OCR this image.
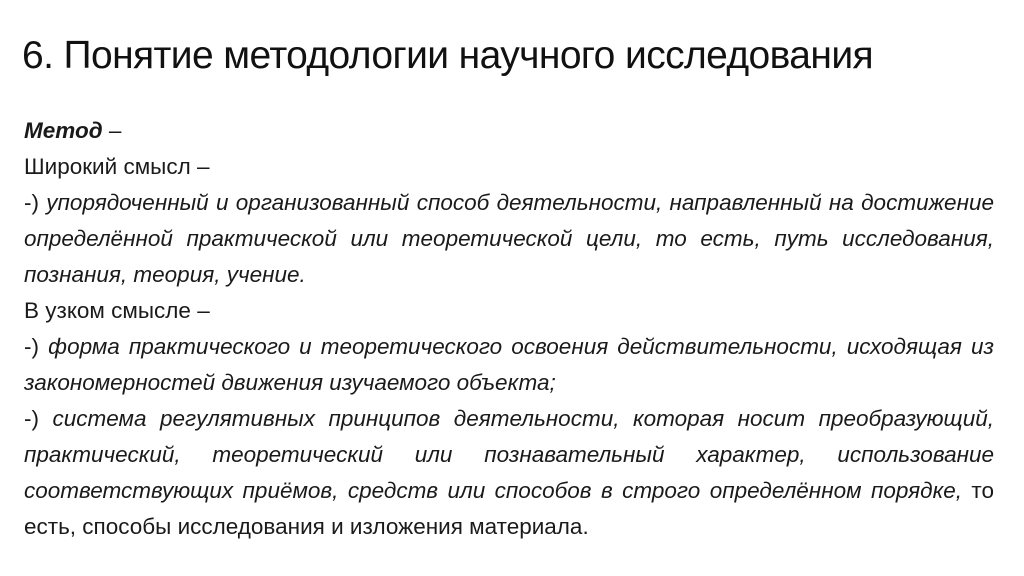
6. Понятие методологии научного исследования
Метод –
Широкий смысл –
-) упорядоченный и организованный способ деятельности, направленный на достижение определённой практической или теоретической цели, то есть, путь исследования, познания, теория, учение.
В узком смысле –
-) форма практического и теоретического освоения действительности, исходящая из закономерностей движения изучаемого объекта;
-) система регулятивных принципов деятельности, которая носит преобразующий, практический, теоретический или познавательный характер, использование соответствующих приёмов, средств или способов в строго определённом порядке, то есть, способы исследования и изложения материала.
